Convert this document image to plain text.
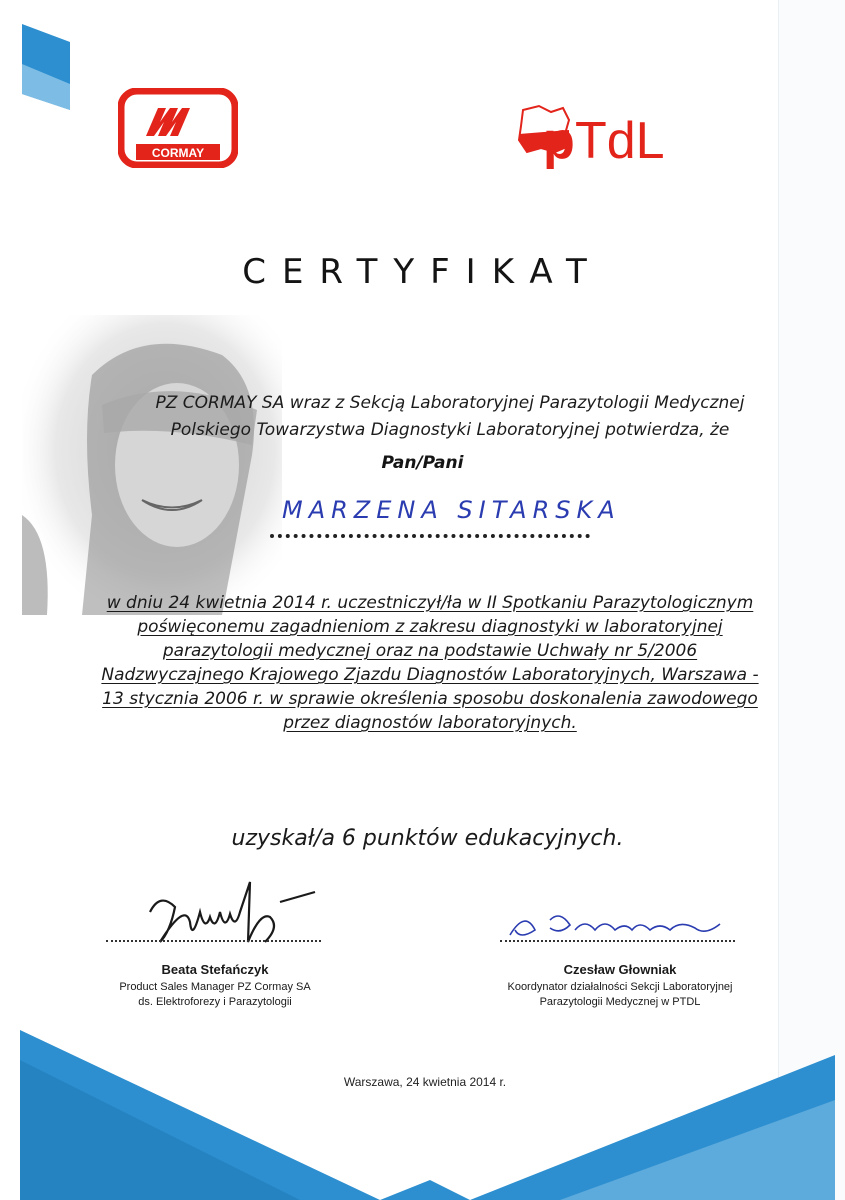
CORMAY	p TdL
CERTYFIKAT
PZ CORMAY SA wraz z Sekcją Laboratoryjnej Parazytologii Medycznej
Polskiego Towarzystwa Diagnostyki Laboratoryjnej potwierdza, że
Pan/Pani
MARZENA SITARSKA
w dniu 24 kwietnia 2014 r. uczestniczył/ła w II Spotkaniu Parazytologicznym
poświęconemu zagadnieniom z zakresu diagnostyki w laboratoryjnej
parazytologii medycznej oraz na podstawie Uchwały nr 5/2006
Nadzwyczajnego Krajowego Zjazdu Diagnostów Laboratoryjnych, Warszawa -
13 stycznia 2006 r. w sprawie określenia sposobu doskonalenia zawodowego
przez diagnostów laboratoryjnych.
uzyskał/a 6 punktów edukacyjnych.
Beata Stefańczyk
Product Sales Manager PZ Cormay SA
ds. Elektroforezy i Parazytologii
Czesław Głowniak
Koordynator działalności Sekcji Laboratoryjnej
Parazytologii Medycznej w PTDL
Warszawa, 24 kwietnia 2014 r.
